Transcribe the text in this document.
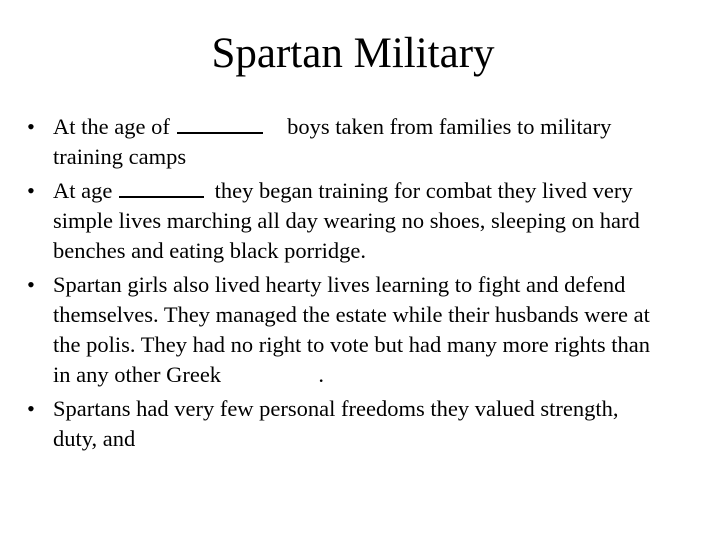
Spartan Military
• At the age of	boys taken from families to military training camps
• At age	they began training for combat they lived very simple lives marching all day wearing no shoes, sleeping on hard benches and eating black porridge.
• Spartan girls also lived hearty lives learning to fight and defend themselves. They managed the estate while their husbands were at the polis. They had no right to vote but had many more rights than in any other Greek	.
• Spartans had very few personal freedoms they valued strength, duty, and
